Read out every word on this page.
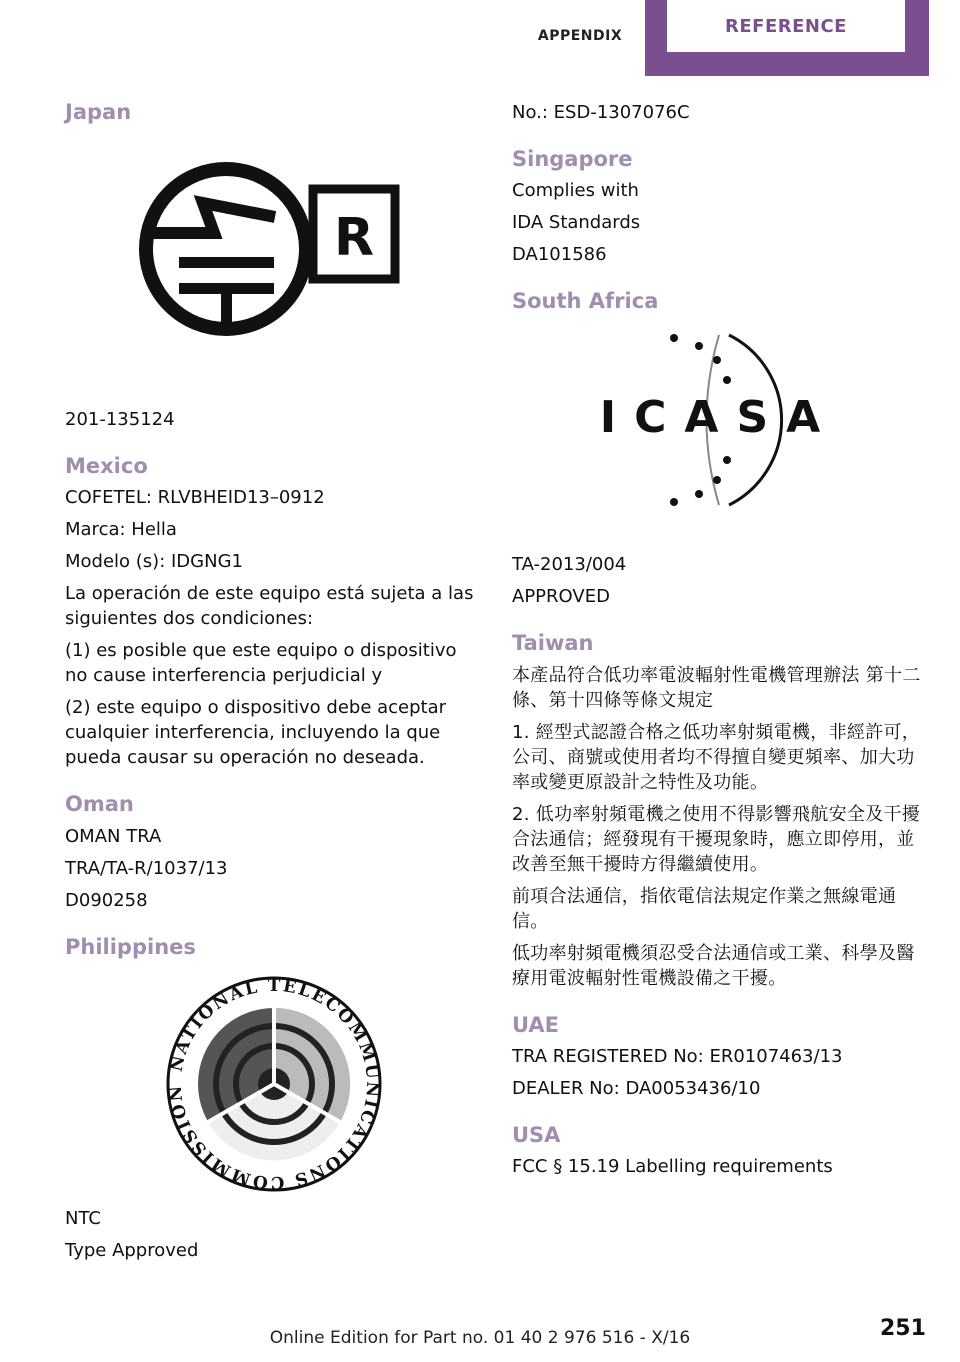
APPENDIX	REFERENCE
Japan
R

201-135124

Mexico

COFETEL: RLVBHEID13–0912

Marca: Hella

Modelo (s): IDGNG1

La operación de este equipo está sujeta a las siguientes dos condiciones:

(1) es posible que este equipo o dispositivo no cause interferencia perjudicial y

(2) este equipo o dispositivo debe aceptar cualquier interferencia, incluyendo la que pueda causar su operación no deseada.

Oman

OMAN TRA

TRA/TA-R/1037/13

D090258

Philippines
NATIONAL TELECOMMUNICATIONS COMMISSION

NTC

Type Approved

No.: ESD-1307076C

Singapore

Complies with

IDA Standards

DA101586

South Africa
ICASA

TA-2013/004

APPROVED

Taiwan

本產品符合低功率電波輻射性電機管理辦法 第十二條、第十四條等條文規定

1. 經型式認證合格之低功率射頻電機，非經許可，公司、商號或使用者均不得擅自變更頻率、加大功率或變更原設計之特性及功能。

2. 低功率射頻電機之使用不得影響飛航安全及干擾合法通信；經發現有干擾現象時，應立即停用，並改善至無干擾時方得繼續使用。

前項合法通信，指依電信法規定作業之無線電通信。

低功率射頻電機須忍受合法通信或工業、科學及醫療用電波輻射性電機設備之干擾。

UAE

TRA REGISTERED No: ER0107463/13

DEALER No: DA0053436/10

USA

FCC § 15.19 Labelling requirements

251
Online Edition for Part no. 01 40 2 976 516 - X/16
